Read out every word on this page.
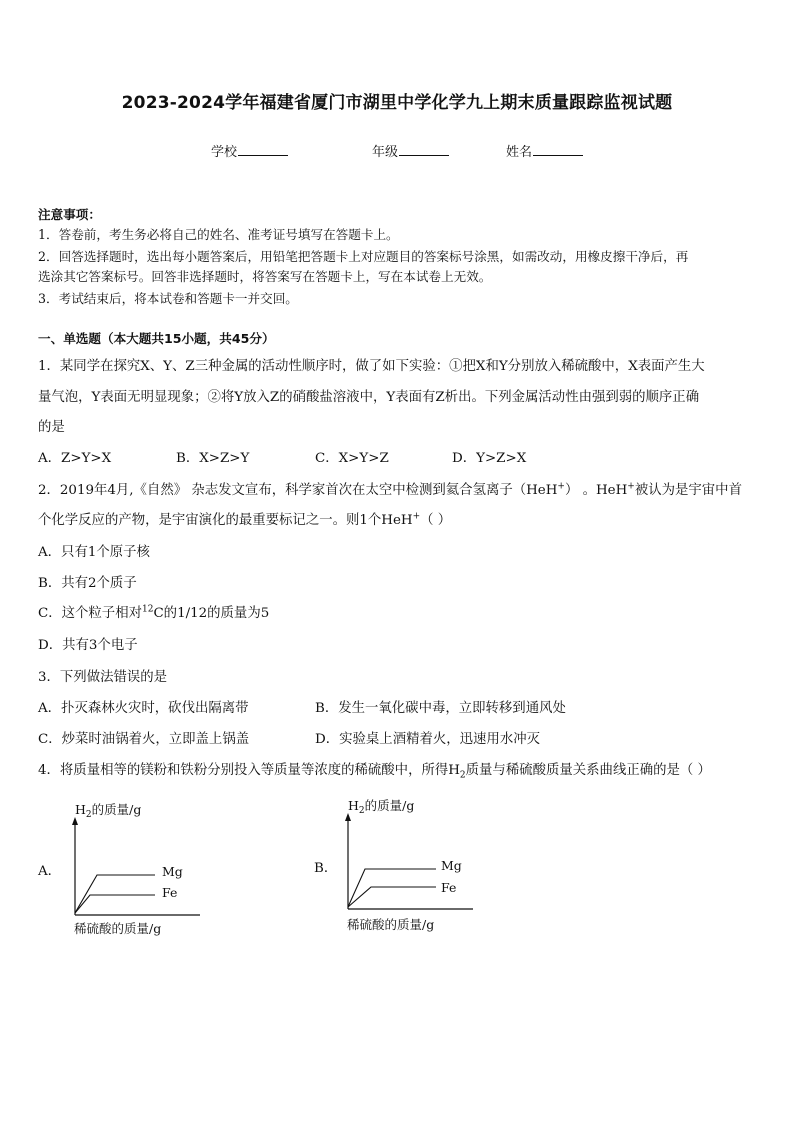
2023-2024学年福建省厦门市湖里中学化学九上期末质量跟踪监视试题
学校	年级	姓名
注意事项：
1．答卷前，考生务必将自己的姓名、准考证号填写在答题卡上。
2．回答选择题时，选出每小题答案后，用铅笔把答题卡上对应题目的答案标号涂黑，如需改动，用橡皮擦干净后，再
选涂其它答案标号。回答非选择题时，将答案写在答题卡上，写在本试卷上无效。
3．考试结束后，将本试卷和答题卡一并交回。
一、单选题（本大题共15小题，共45分）
1．某同学在探究X、Y、Z三种金属的活动性顺序时，做了如下实验：①把X和Y分别放入稀硫酸中，X表面产生大
量气泡，Y表面无明显现象；②将Y放入Z的硝酸盐溶液中，Y表面有Z析出。下列金属活动性由强到弱的顺序正确
的是
A．Z>Y>X	B．X>Z>Y	C．X>Y>Z	D．Y>Z>X
2．2019年4月,《自然》 杂志发文宣布，科学家首次在太空中检测到氦合氢离子（HeH+） 。HeH+被认为是宇宙中首
个化学反应的产物，是宇宙演化的最重要标记之一。则1个HeH+（ ）
A．只有1个原子核
B．共有2个质子
C．这个粒子相对$^{12}$C的1/12的质量为5
D．共有3个电子
3．下列做法错误的是
A．扑灭森林火灾时，砍伐出隔离带	B．发生一氧化碳中毒，立即转移到通风处
C．炒菜时油锅着火，立即盖上锅盖	D．实验桌上酒精着火，迅速用水冲灭
4．将质量相等的镁粉和铁粉分别投入等质量等浓度的稀硫酸中，所得$H_2$质量与稀硫酸质量关系曲线正确的是（ ）
A．
$H_2$的质量/g
Mg
Fe
稀硫酸的质量/g
B．
$H_2$的质量/g
Mg
Fe
稀硫酸的质量/g
